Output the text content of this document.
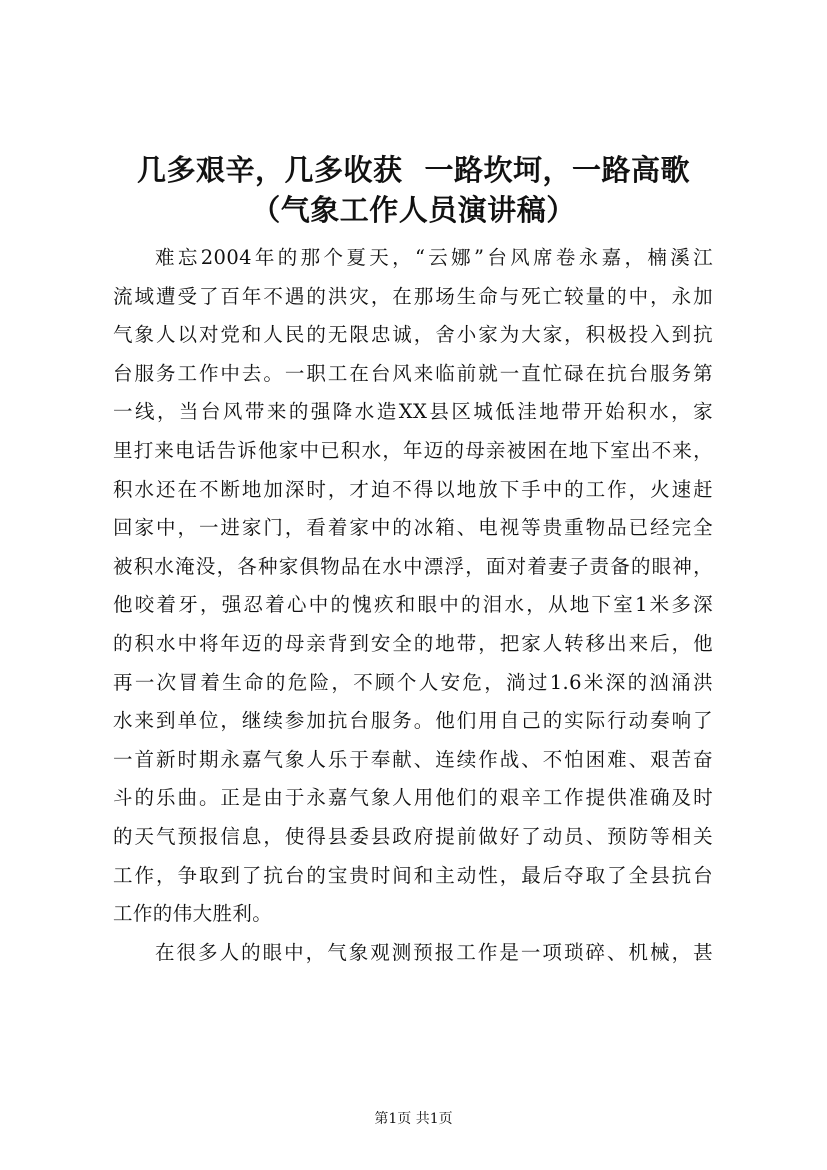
几多艰辛，几多收获 一路坎坷，一路高歌
（气象工作人员演讲稿）
难忘2004年的那个夏天，“云娜”台风席卷永嘉，楠溪江
流域遭受了百年不遇的洪灾，在那场生命与死亡较量的中，永加
气象人以对党和人民的无限忠诚，舍小家为大家，积极投入到抗
台服务工作中去。一职工在台风来临前就一直忙碌在抗台服务第
一线，当台风带来的强降水造XX县区城低洼地带开始积水，家
里打来电话告诉他家中已积水，年迈的母亲被困在地下室出不来，
积水还在不断地加深时，才迫不得以地放下手中的工作，火速赶
回家中，一进家门，看着家中的冰箱、电视等贵重物品已经完全
被积水淹没，各种家俱物品在水中漂浮，面对着妻子责备的眼神，
他咬着牙，强忍着心中的愧疚和眼中的泪水，从地下室1米多深
的积水中将年迈的母亲背到安全的地带，把家人转移出来后，他
再一次冒着生命的危险，不顾个人安危，淌过1.6米深的汹涌洪
水来到单位，继续参加抗台服务。他们用自己的实际行动奏响了
一首新时期永嘉气象人乐于奉献、连续作战、不怕困难、艰苦奋
斗的乐曲。正是由于永嘉气象人用他们的艰辛工作提供准确及时
的天气预报信息，使得县委县政府提前做好了动员、预防等相关
工作，争取到了抗台的宝贵时间和主动性，最后夺取了全县抗台
工作的伟大胜利。
在很多人的眼中，气象观测预报工作是一项琐碎、机械，甚
第1页 共1页
